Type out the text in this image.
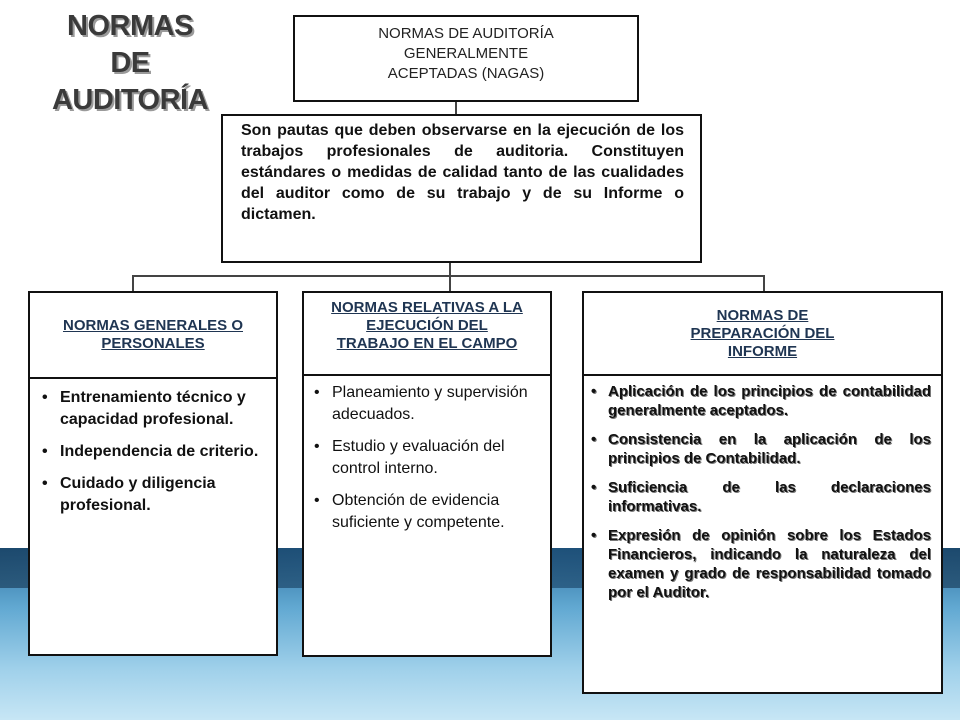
NORMAS
DE
AUDITORÍA
NORMAS DE AUDITORÍA
GENERALMENTE
ACEPTADAS (NAGAS)
Son pautas que deben observarse en la ejecución de los trabajos profesionales de auditoria. Constituyen estándares o medidas de calidad tanto de las cualidades del auditor como de su trabajo y de su Informe o dictamen.
NORMAS GENERALES O
PERSONALES
NORMAS RELATIVAS A LA
EJECUCIÓN DEL
TRABAJO EN EL CAMPO
NORMAS DE
PREPARACIÓN DEL
INFORME
• Entrenamiento técnico y capacidad profesional.
• Independencia de criterio.
• Cuidado y diligencia profesional.
• Planeamiento y supervisión adecuados.
• Estudio y evaluación del control interno.
• Obtención de evidencia suficiente y competente.
• Aplicación de los principios de contabilidad generalmente aceptados.
• Consistencia en la aplicación de los principios de Contabilidad.
• Suficiencia de las declaraciones informativas.
• Expresión de opinión sobre los Estados Financieros, indicando la naturaleza del examen y grado de responsabilidad tomado por el Auditor.
